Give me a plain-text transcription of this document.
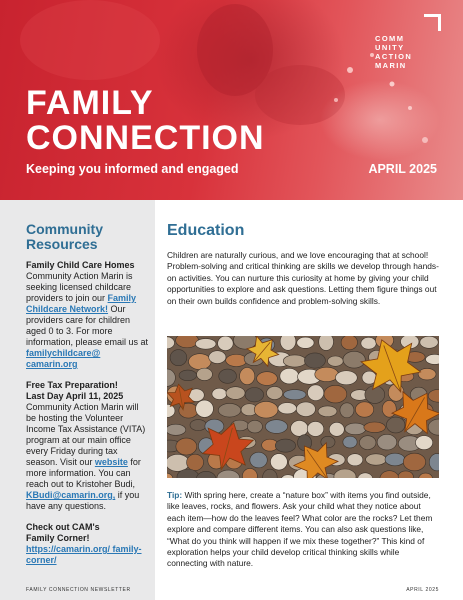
COMM
UNITY
ACTION
MARIN
FAMILY
CONNECTION
Keeping you informed and engaged	APRIL 2025
Community
Resources
Family Child Care Homes

Community Action Marin is seeking licensed childcare providers to join our Family Childcare Network! Our providers care for children aged 0 to 3. For more information, please email us at familychildcare@ camarin.org

Free Tax Preparation!
Last Day April 11, 2025

Community Action Marin will be hosting the Volunteer Income Tax Assistance (VITA) program at our main office every Friday during tax season. Visit our website for more information. You can reach out to Kristoher Budi, KBudi@camarin.org, if you have any questions.

Check out CAM's
Family Corner!

https://camarin.org/ family-corner/

FAMILY CONNECTION NEWSLETTER
Education

Children are naturally curious, and we love encouraging that at school! Problem-solving and critical thinking are skills we develop through hands-on activities. You can nurture this curiosity at home by giving your child opportunities to explore and ask questions. Letting them figure things out on their own builds confidence and problem-solving skills.

Tip: With spring here, create a “nature box” with items you find outside, like leaves, rocks, and flowers. Ask your child what they notice about each item—how do the leaves feel? What color are the rocks? Let them explore and compare different items. You can also ask questions like, “What do you think will happen if we mix these together?” This kind of exploration helps your child develop critical thinking skills while connecting with nature.

APRIL 2025
